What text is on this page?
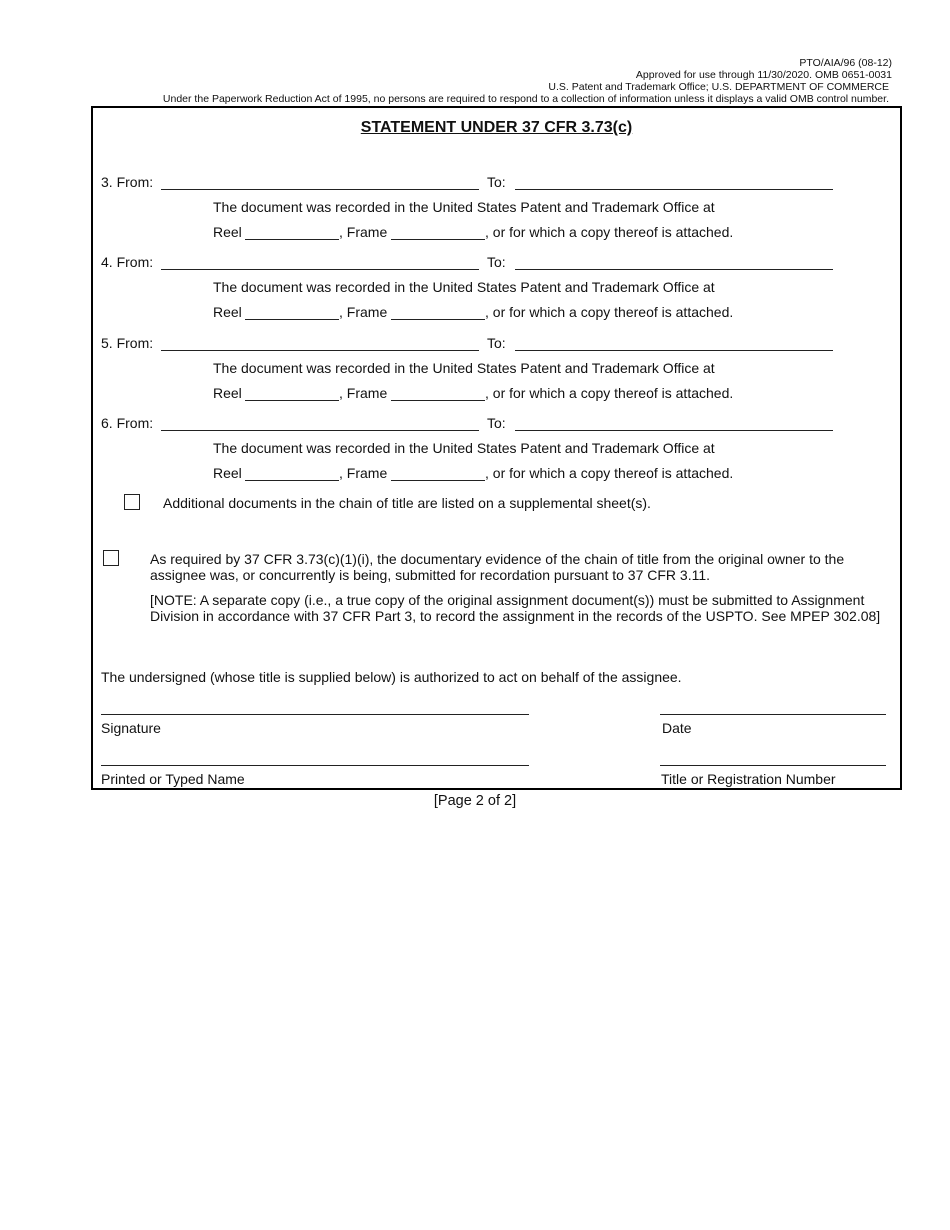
PTO/AIA/96 (08-12)
Approved for use through 11/30/2020. OMB 0651-0031
U.S. Patent and Trademark Office; U.S. DEPARTMENT OF COMMERCE
Under the Paperwork Reduction Act of 1995, no persons are required to respond to a collection of information unless it displays a valid OMB control number.
STATEMENT UNDER 37 CFR 3.73(c)
3. From:	To:
The document was recorded in the United States Patent and Trademark Office at
Reel	, Frame	, or for which a copy thereof is attached.
4. From:	To:
The document was recorded in the United States Patent and Trademark Office at
Reel	, Frame	, or for which a copy thereof is attached.
5. From:	To:
The document was recorded in the United States Patent and Trademark Office at
Reel	, Frame	, or for which a copy thereof is attached.
6. From:	To:
The document was recorded in the United States Patent and Trademark Office at
Reel	, Frame	, or for which a copy thereof is attached.
Additional documents in the chain of title are listed on a supplemental sheet(s).
As required by 37 CFR 3.73(c)(1)(i), the documentary evidence of the chain of title from the original owner to the
assignee was, or concurrently is being, submitted for recordation pursuant to 37 CFR 3.11.
[NOTE: A separate copy (i.e., a true copy of the original assignment document(s)) must be submitted to Assignment
Division in accordance with 37 CFR Part 3, to record the assignment in the records of the USPTO. See MPEP 302.08]
The undersigned (whose title is supplied below) is authorized to act on behalf of the assignee.
Signature	Date
Printed or Typed Name	Title or Registration Number
[Page 2 of 2]
